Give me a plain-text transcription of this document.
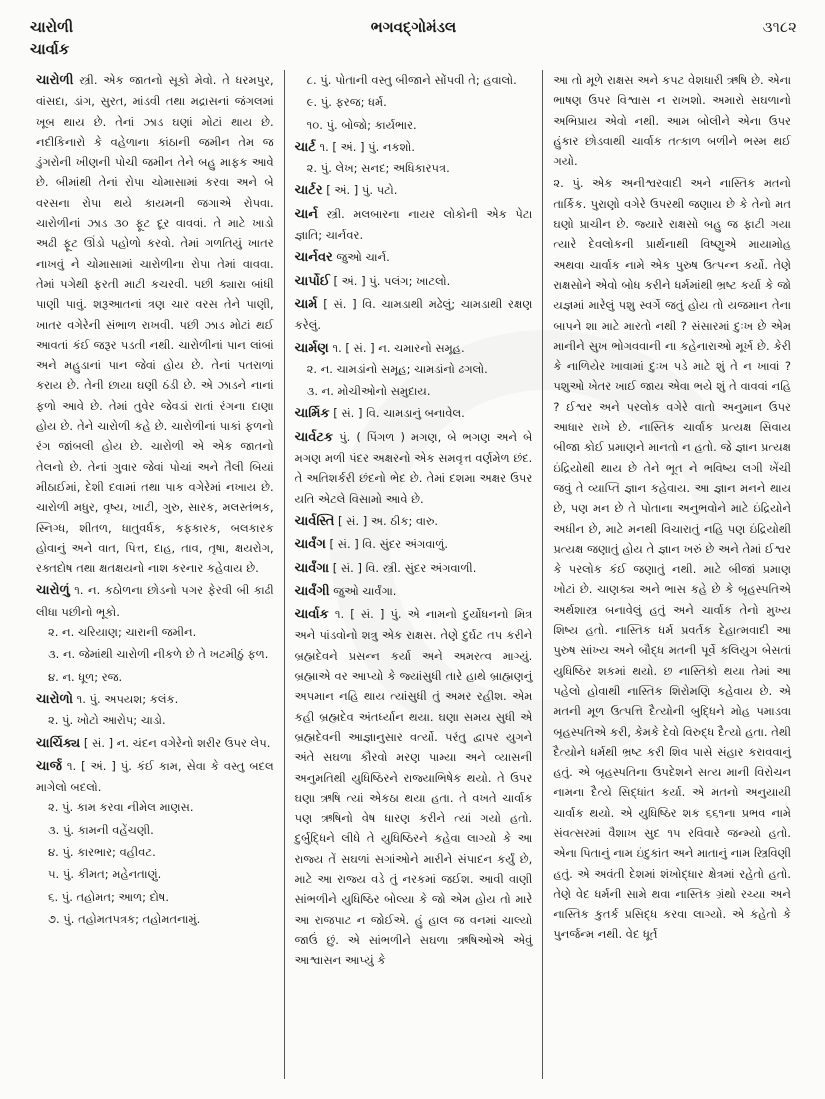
ચારોળી
ચાર્વાક
ભગવદ્ગોમંડલ	૩૧૮૨
ચારોળી સ્ત્રી. એક જાતનો સૂકો મેવો. તે ધરમપુર, વાંસદા, ડાંગ, સુરત, માંડવી તથા મદ્રાસનાં જંગલમાં ખૂબ થાય છે. તેનાં ઝાડ ઘણાં મોટાં થાય છે. નદીકિનારો કે વહેળાના કાંઠાની જમીન તેમ જ ડુંગરોની ખીણની પોચી જમીન તેને બહુ માફક આવે છે. બીમાંથી તેનાં રોપા ચોમાસામાં કરવા અને બે વરસના રોપા થયે કાયમની જગાએ રોપવા. ચારોળીનાં ઝાડ ૩૦ ફૂટ દૂર વાવવાં. તે માટે ખાડો અઢી ફૂટ ઊંડો પહોળો કરવો. તેમાં ગળતિયું ખાતર નાખવું ને ચોમાસામાં ચારોળીના રોપા તેમાં વાવવા. તેમાં પગેથી ફરતી માટી કચરવી. પછી ક્યારા બાંધી પાણી પાવું. શરૂઆતનાં ત્રણ ચાર વરસ તેને પાણી, ખાતર વગેરેની સંભાળ રાખવી. પછી ઝાડ મોટાં થઈ આવતાં કંઈ જરૂર પડતી નથી. ચારોળીનાં પાન લાંબાં અને મહુડાનાં પાન જેવાં હોય છે. તેનાં પતરાળાં કરાય છે. તેની છાયા ઘણી ઠંડી છે. એ ઝાડને નાનાં ફળો આવે છે. તેમાં તુવેર જેવડાં રાતાં રંગના દાણા હોય છે. તેને ચારોળી કહે છે. ચારોળીનાં પાકાં ફળનો રંગ જાંબલી હોય છે. ચારોળી એ એક જાતનો તેલનો છે. તેનાં ગુવાર જેવાં પોચાં અને તૈલી બિયાં મીઠાઈમાં, દેશી દવામાં તથા પાક વગેરેમાં નખાય છે. ચારોળી મધુર, વૃષ્ય, ખાટી, ગુરુ, સારક, મલસ્તંભક, સ્નિગ્ધ, શીતળ, ધાતુવર્ધક, કફકારક, બલકારક હોવાનું અને વાત, પિત્ત, દાહ, તાવ, તૃષા, ક્ષયરોગ, રક્તદોષ તથા ક્ષતક્ષયનો નાશ કરનાર કહેવાય છે.
ચારોળું ૧. ન. કઠોળના છોડનો પગર ફેરવી બી કાઢી લીધા પછીનો ભૂકો.
૨. ન. ચરિયાણ; ચારાની જમીન.
૩. ન. જેમાંથી ચારોળી નીકળે છે તે ખટમીઠું ફળ.
૪. ન. ધૂળ; રજ.
ચારોળો ૧. પું. અપયશ; કલંક.
૨. પું. ખોટો આરોપ; ચાડો.
ચાર્ચિક્ય [ સં. ] ન. ચંદન વગેરેનો શરીર ઉપર લેપ.
ચાર્જ ૧. [ અં. ] પું. કંઈ કામ, સેવા કે વસ્તુ બદલ માગેલો બદલો.
૨. પું. કામ કરવા નીમેલ માણસ.
૩. પું. કામની વહેંચણી.
૪. પું. કારભાર; વહીવટ.
૫. પું. કીમત; મહેનતાણું.
૬. પું. તહોમત; આળ; દોષ.
૭. પું. તહોમતપત્રક; તહોમતનામું.
૮. પું. પોતાની વસ્તુ બીજાને સોંપવી તે; હવાલો.
૯. પું. ફરજ; ધર્મ.
૧૦. પું. બોજો; કાર્યભાર.
ચાર્ટ ૧. [ અં. ] પું. નકશો.
૨. પું. લેખ; સનદ; અધિકારપત્ર.
ચાર્ટર [ અં. ] પું. પટો.
ચાર્ન સ્ત્રી. મલબારના નાયર લોકોની એક પેટા જ્ઞાતિ; ચાર્નવર.
ચાર્નવર જુઓ ચાર્ન.
ચાર્પોઈ [ અં. ] પું. પલંગ; ખાટલો.
ચાર્મ [ સં. ] વિ. ચામડાથી મઢેલું; ચામડાથી રક્ષણ કરેલું.
ચાર્મણ ૧. [ સં. ] ન. ચમારનો સમૂહ.
૨. ન. ચામડાંનો સમૂહ; ચામડાંનો ઢગલો.
૩. ન. મોચીઓનો સમુદાય.
ચાર્મિક [ સં. ] વિ. ચામડાનું બનાવેલ.
ચાર્વટક પું. ( પિંગળ ) મગણ, બે ભગણ અને બે મગણ મળી પંદર અક્ષરનો એક સમવૃત્ત વર્ણમેળ છંદ. તે અતિશર્કરી છંદનો ભેદ છે. તેમાં દશમા અક્ષર ઉપર યતિ એટલે વિસામો આવે છે.
ચાર્વસ્તિ [ સં. ] અ. ઠીક; વારુ.
ચાર્વંગ [ સં. ] વિ. સુંદર અંગવાળું.
ચાર્વંગા [ સં. ] વિ. સ્ત્રી. સુંદર અંગવાળી.
ચાર્વંગી જુઓ ચાર્વંગા.
ચાર્વાક ૧. [ સં. ] પું. એ નામનો દુર્યોધનનો મિત્ર અને પાંડવોનો શત્રુ એક રાક્ષસ. તેણે દુર્ઘટ તપ કરીને બ્રહ્મદેવને પ્રસન્ન કર્યા અને અમરત્વ માગ્યું. બ્રહ્માએ વર આપ્યો કે જ્યાંસુધી તારે હાથે બ્રાહ્મણનું અપમાન નહિ થાય ત્યાંસુધી તું અમર રહીશ. એમ કહી બ્રહ્મદેવ અંતર્ધ્યાન થયા. ઘણા સમય સુધી એ બ્રહ્મદેવની આજ્ઞાનુસાર વર્ત્યો. પરંતુ દ્વાપર યુગને અંતે સઘળા કૌરવો મરણ પામ્યા અને વ્યાસની અનુમતિથી યુધિષ્ઠિરને રાજ્યાભિષેક થયો. તે ઉપર ઘણા ઋષિ ત્યાં એકઠા થયા હતા. તે વખતે ચાર્વાક પણ ઋષિનો વેષ ધારણ કરીને ત્યાં ગયો હતો. દુર્બુદ્ધિને લીધે તે યુધિષ્ઠિરને કહેવા લાગ્યો કે આ રાજ્ય તેં સઘળાં સગાંઓને મારીને સંપાદન કર્યું છે, માટે આ રાજ્ય વડે તું નરકમાં જઈશ. આવી વાણી સાંભળીને યુધિષ્ઠિર બોલ્યા કે જો એમ હોય તો મારે આ રાજપાટ ન જોઈએ. હું હાલ જ વનમાં ચાલ્યો જાઉં છું. એ સાંભળીને સઘળા ઋષિઓએ એવું આશ્વાસન આપ્યું કે
આ તો મૂળે રાક્ષસ અને કપટ વેશધારી ઋષિ છે. એના ભાષણ ઉપર વિશ્વાસ ન રાખશો. અમારો સઘળાનો અભિપ્રાય એવો નથી. આમ બોલીને એના ઉપર હુંકાર છોડવાથી ચાર્વાક તત્કાળ બળીને ભસ્મ થઈ ગયો.
૨. પું. એક અનીશ્વરવાદી અને નાસ્તિક મતનો તાર્કિક. પુરાણો વગેરે ઉપરથી જણાય છે કે તેનો મત ઘણો પ્રાચીન છે. જ્યારે રાક્ષસો બહુ જ ફાટી ગયા ત્યારે દેવલોકની પ્રાર્થનાથી વિષ્ણુએ માયામોહ અથવા ચાર્વાક નામે એક પુરુષ ઉત્પન્ન કર્યો. તેણે રાક્ષસોને એવો બોધ કરીને ધર્મમાંથી ભ્રષ્ટ કર્યા કે જો યજ્ઞમાં મારેલું પશુ સ્વર્ગે જતું હોય તો યજમાન તેના બાપને શા માટે મારતો નથી ? સંસારમાં દુઃખ છે એમ માનીને સુખ ભોગવવાની ના કહેનારાઓ મૂર્ખ છે. કેરી કે નાળિયેર ખાવામાં દુઃખ પડે માટે શું તે ન ખાવાં ? પશુઓ ખેતર ખાઈ જાય એવા ભયે શું તે વાવવાં નહિ ? ઈશ્વર અને પરલોક વગેરે વાતો અનુમાન ઉપર આધાર રાખે છે. નાસ્તિક ચાર્વાક પ્રત્યક્ષ સિવાય બીજા કોઈ પ્રમાણને માનતો ન હતો. જે જ્ઞાન પ્રત્યક્ષ ઇંદ્રિયોથી થાય છે તેને ભૂત ને ભવિષ્ય લગી ખેંચી જવું તે વ્યાપ્તિ જ્ઞાન કહેવાય. આ જ્ઞાન મનને થાય છે, પણ મન છે તે પોતાના અનુભવોને માટે ઇંદ્રિયોને અધીન છે, માટે મનથી વિચારાતું નહિ પણ ઇંદ્રિયોથી પ્રત્યક્ષ જણાતું હોય તે જ્ઞાન ખરું છે અને તેમાં ઈશ્વર કે પરલોક કંઈ જણાતું નથી. માટે બીજાં પ્રમાણ ખોટાં છે. ચાણક્ય અને ભાસ કહે છે કે બૃહસ્પતિએ અર્થશાસ્ત્ર બનાવેલું હતું અને ચાર્વાક તેનો મુખ્ય શિષ્ય હતો. નાસ્તિક ધર્મ પ્રવર્તક દેહાત્મવાદી આ પુરુષ સાંખ્ય અને બૌદ્ધ મતની પૂર્વે કલિયુગ બેસતાં યુધિષ્ઠિર શકમાં થયો. છ નાસ્તિકો થયા તેમાં આ પહેલો હોવાથી નાસ્તિક શિરોમણિ કહેવાય છે. એ મતની મૂળ ઉત્પત્તિ દૈત્યોની બુદ્ધિને મોહ પમાડવા બૃહસ્પતિએ કરી, કેમકે દેવો વિરુદ્ધ દૈત્યો હતા. તેથી દૈત્યોને ધર્મથી ભ્રષ્ટ કરી શિવ પાસે સંહાર કરાવવાનું હતું. એ બૃહસ્પતિના ઉપદેશને સત્ય માની વિરોચન નામના દૈત્યે સિદ્ધાંત કર્યા. એ મતનો અનુયાયી ચાર્વાક થયો. એ યુધિષ્ઠિર શક ૬૬૧ના પ્રભવ નામે સંવત્સરમાં વૈશાખ સુદ ૧૫ રવિવારે જન્મ્યો હતો. એના પિતાનું નામ ઇંદુકાંત અને માતાનું નામ સ્ત્રિવિણી હતું. એ અવંતી દેશમાં શંખોદ્ધાર ક્ષેત્રમાં રહેતો હતો. તેણે વેદ ધર્મની સામે થવા નાસ્તિક ગ્રંથો રચ્યા અને નાસ્તિક કુતર્ક પ્રસિદ્ધ કરવા લાગ્યો. એ કહેતો કે પુનર્જન્મ નથી. વેદ ધૂર્ત
